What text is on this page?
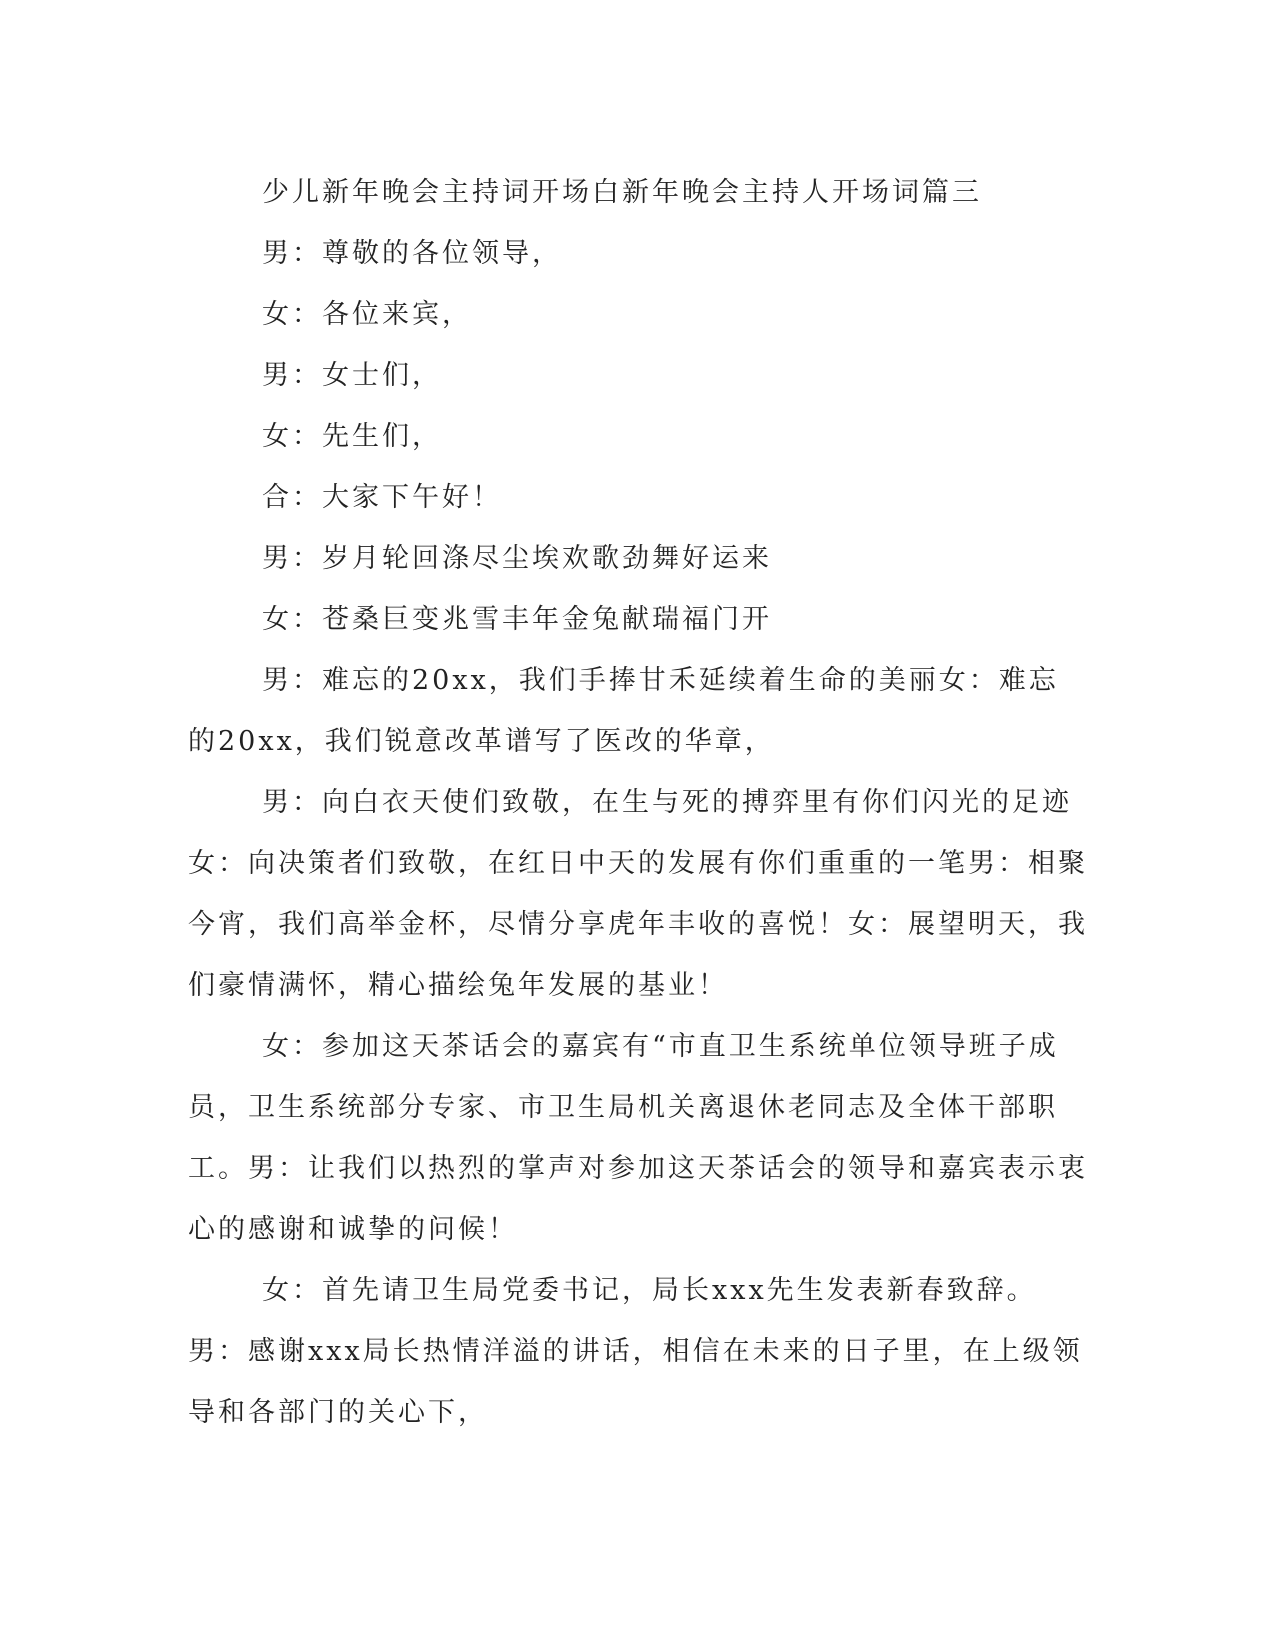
少儿新年晚会主持词开场白新年晚会主持人开场词篇三

男：尊敬的各位领导，

女：各位来宾，

男：女士们，

女：先生们，

合：大家下午好！

男：岁月轮回涤尽尘埃欢歌劲舞好运来

女：苍桑巨变兆雪丰年金兔献瑞福门开

男：难忘的20xx，我们手捧甘禾延续着生命的美丽女：难忘的20xx，我们锐意改革谱写了医改的华章，

男：向白衣天使们致敬，在生与死的搏弈里有你们闪光的足迹女：向决策者们致敬，在红日中天的发展有你们重重的一笔男：相聚今宵，我们高举金杯，尽情分享虎年丰收的喜悦！女：展望明天，我们豪情满怀，精心描绘兔年发展的基业！

女：参加这天茶话会的嘉宾有“市直卫生系统单位领导班子成员，卫生系统部分专家、市卫生局机关离退休老同志及全体干部职工。男：让我们以热烈的掌声对参加这天茶话会的领导和嘉宾表示衷心的感谢和诚挚的问候！

女：首先请卫生局党委书记，局长xxx先生发表新春致辞。男：感谢xxx局长热情洋溢的讲话，相信在未来的日子里，在上级领导和各部门的关心下，
